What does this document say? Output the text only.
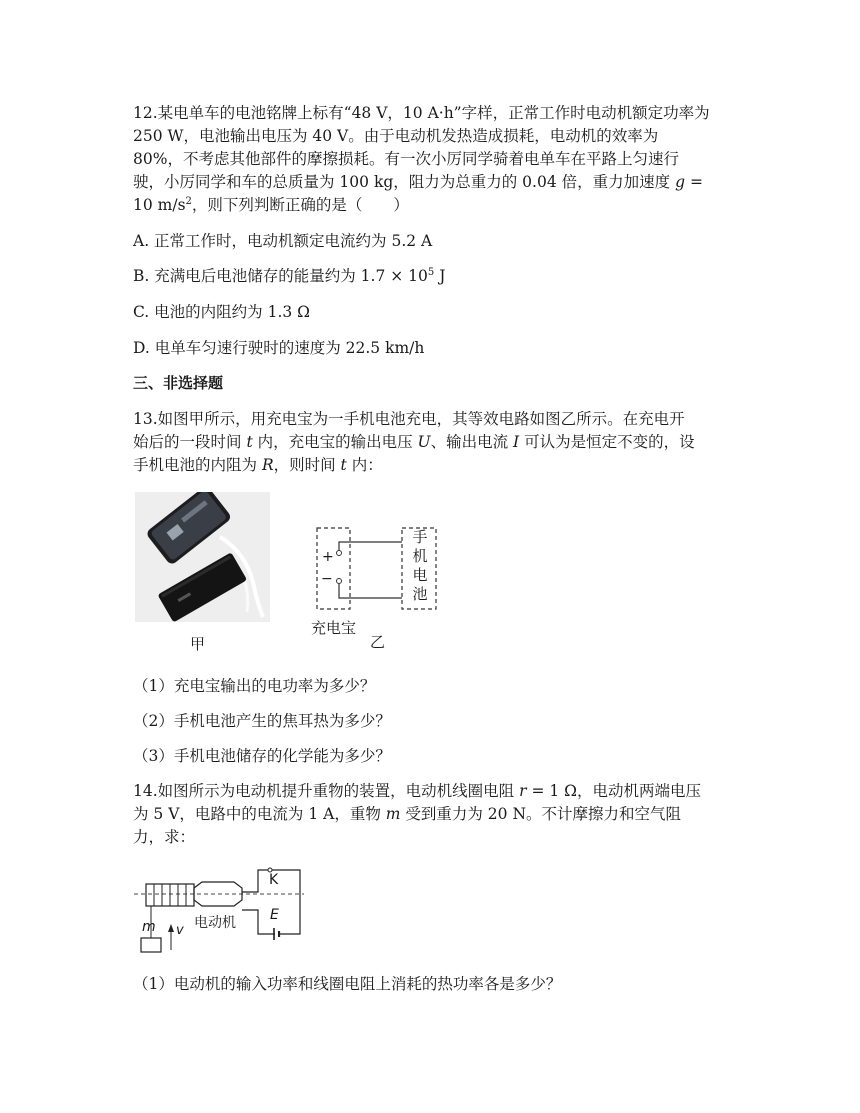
12.某电单车的电池铭牌上标有“48 V，10 A·h”字样，正常工作时电动机额定功率为
250 W，电池输出电压为 40 V。由于电动机发热造成损耗，电动机的效率为
80%，不考虑其他部件的摩擦损耗。有一次小厉同学骑着电单车在平路上匀速行
驶，小厉同学和车的总质量为 100 kg，阻力为总重力的 0.04 倍，重力加速度 g =
10 $m/s^2$，则下列判断正确的是（　　）
A. 正常工作时，电动机额定电流约为 5.2 A
B. 充满电后电池储存的能量约为 $1.7 \times 10^5$ J
C. 电池的内阻约为 1.3 Ω
D. 电单车匀速行驶时的速度为 22.5 km/h
三、非选择题
13.如图甲所示，用充电宝为一手机电池充电，其等效电路如图乙所示。在充电开
始后的一段时间 t 内，充电宝的输出电压 U、输出电流 I 可认为是恒定不变的，设
手机电池的内阻为 R，则时间 t 内：
甲
+
−
手
机
电
池
充电宝
乙
（1）充电宝输出的电功率为多少？
（2）手机电池产生的焦耳热为多少？
（3）手机电池储存的化学能为多少？
14.如图所示为电动机提升重物的装置，电动机线圈电阻 r = 1 Ω，电动机两端电压
为 5 V，电路中的电流为 1 A，重物 m 受到重力为 20 N。不计摩擦力和空气阻
力，求：
K
E
电动机
m v
（1）电动机的输入功率和线圈电阻上消耗的热功率各是多少？
